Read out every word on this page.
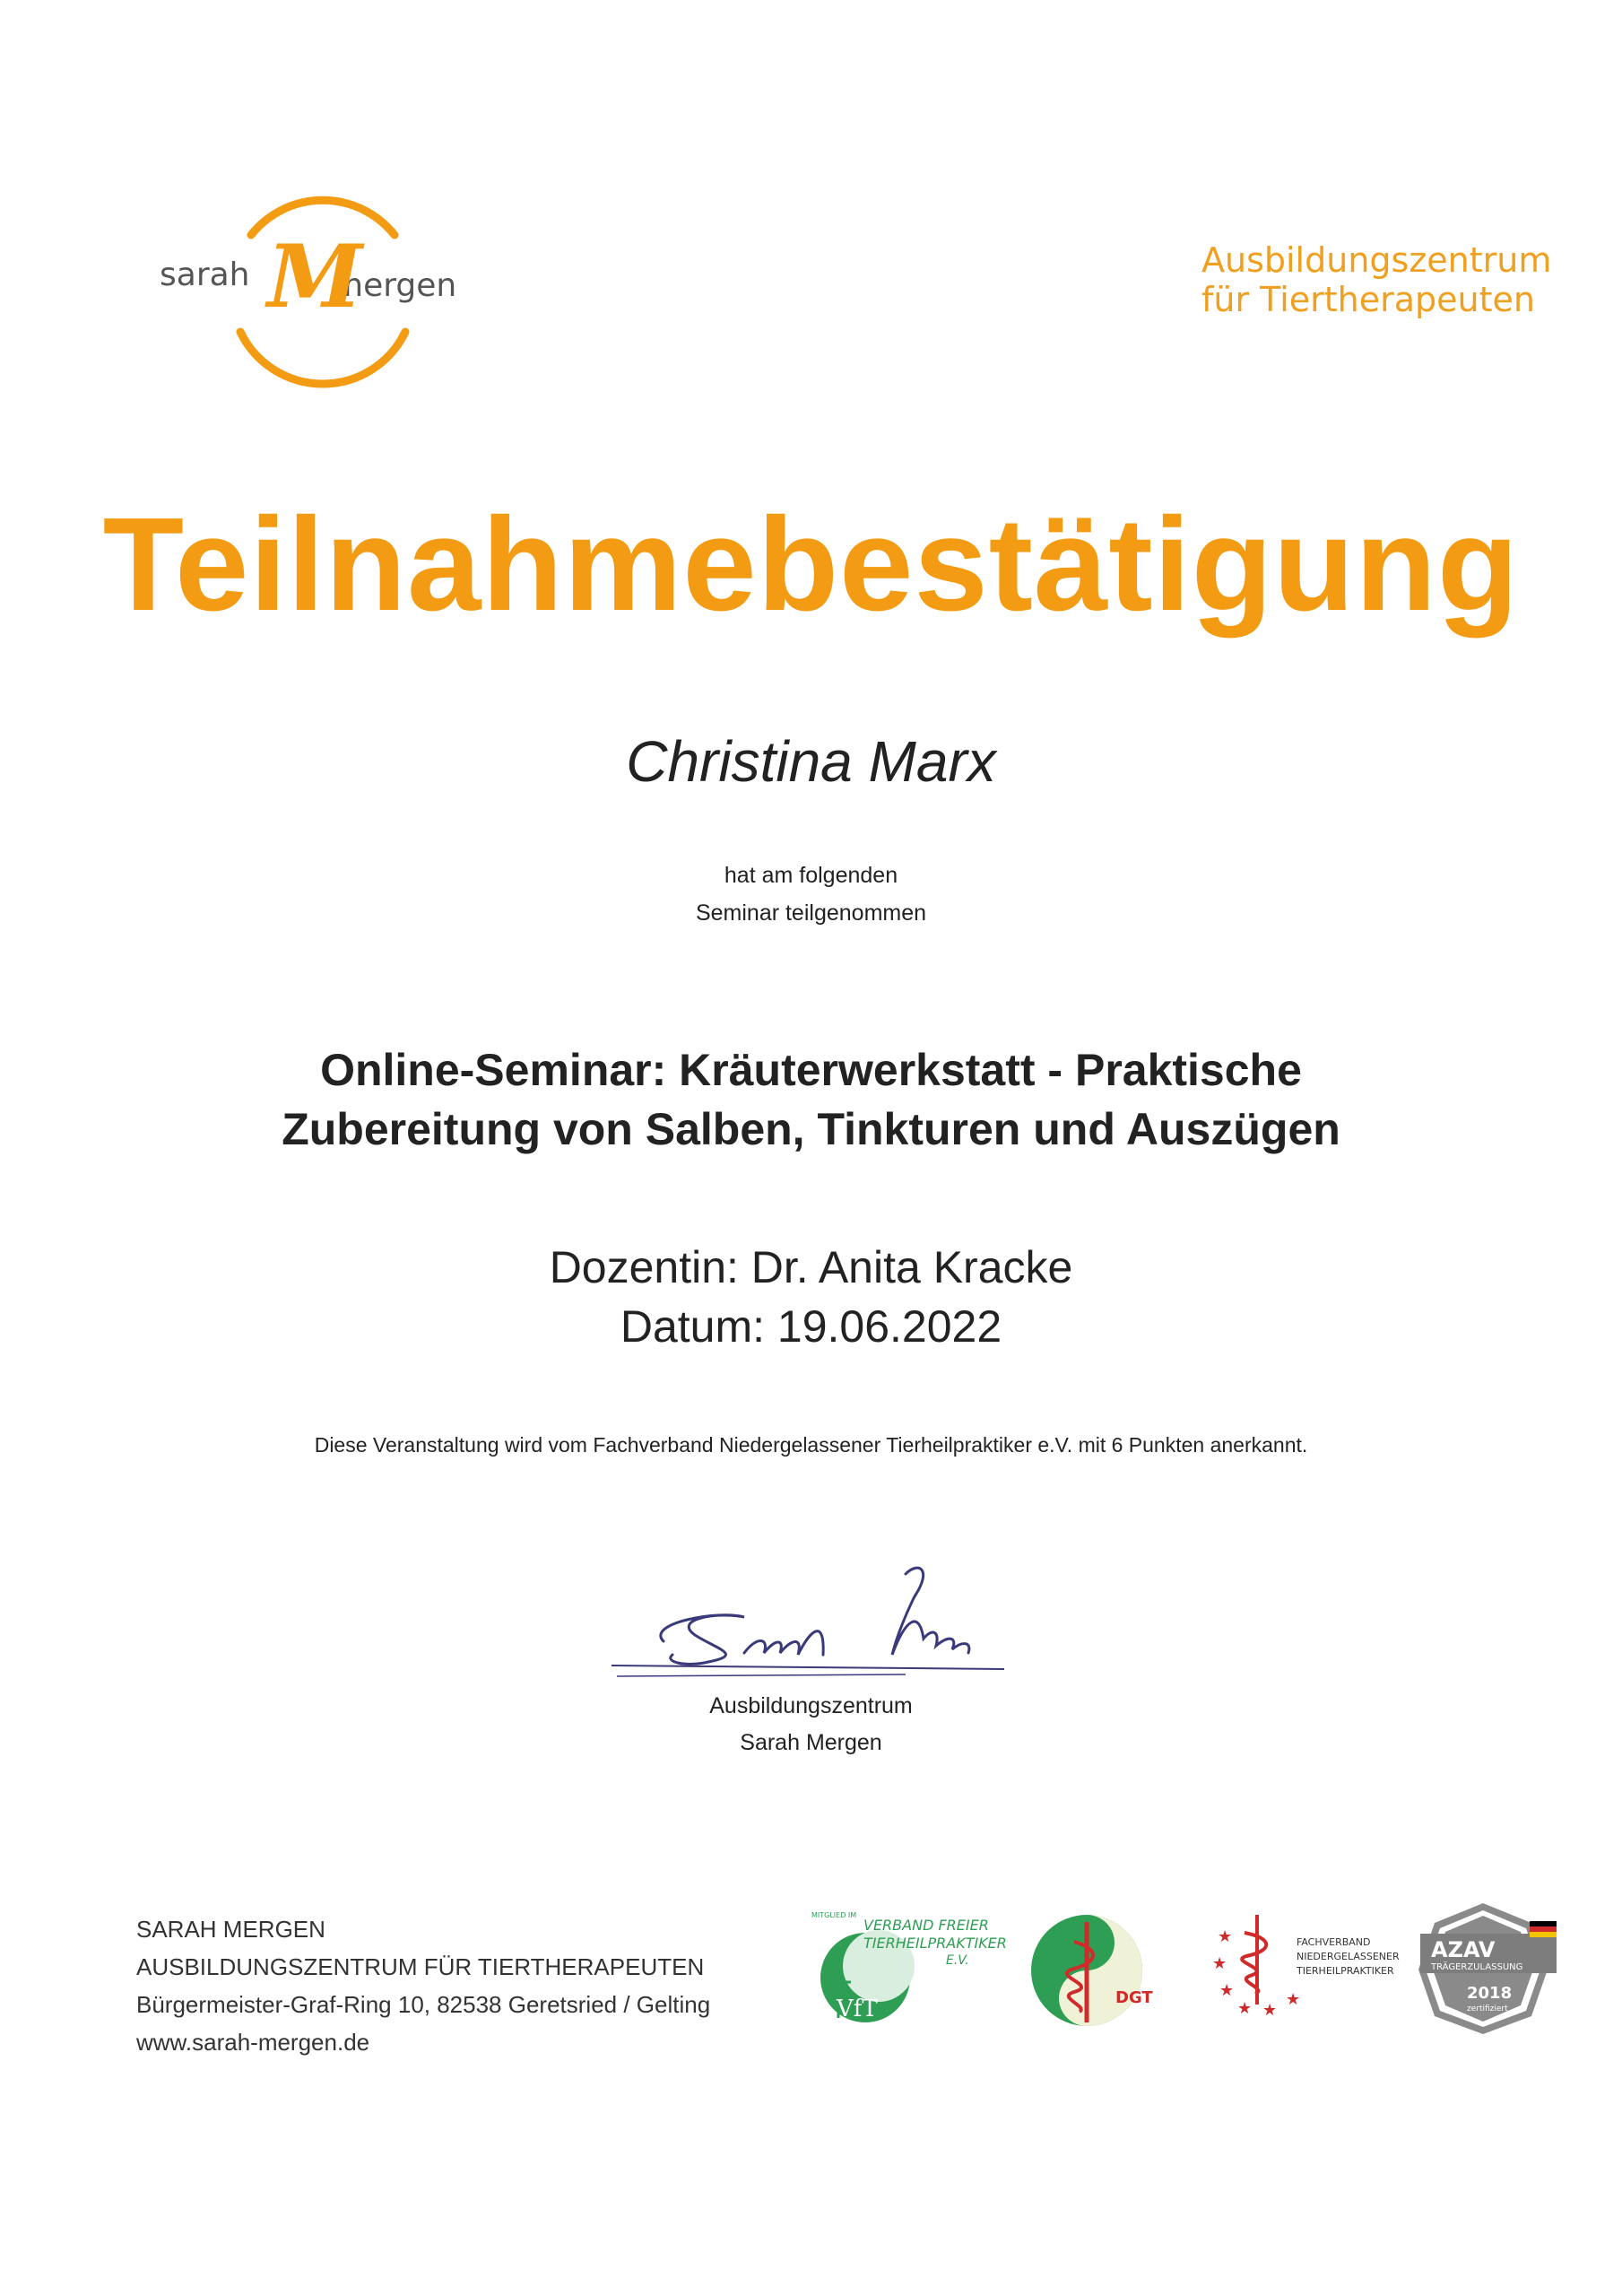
sarah	mergen
M	Ausbildungszentrum
für Tiertherapeuten
Teilnahmebestätigung
Christina Marx
hat am folgenden
Seminar teilgenommen
Online-Seminar: Kräuterwerkstatt - Praktische
Zubereitung von Salben, Tinkturen und Auszügen
Dozentin: Dr. Anita Kracke
Datum: 19.06.2022
Diese Veranstaltung wird vom Fachverband Niedergelassener Tierheilpraktiker e.V. mit 6 Punkten anerkannt.
Ausbildungszentrum
Sarah Mergen
SARAH MERGEN
AUSBILDUNGSZENTRUM FÜR TIERTHERAPEUTEN
Bürgermeister-Graf-Ring 10, 82538 Geretsried / Gelting
www.sarah-mergen.de
VfT
MITGLIED IM
VERBAND FREIER
TIERHEILPRAKTIKER
E.V.
DGT
★
★
★
★ ★
★
FACHVERBAND
NIEDERGELASSENER
TIERHEILPRAKTIKER
AZAV
TRÄGERZULASSUNG
2018
zertifiziert
